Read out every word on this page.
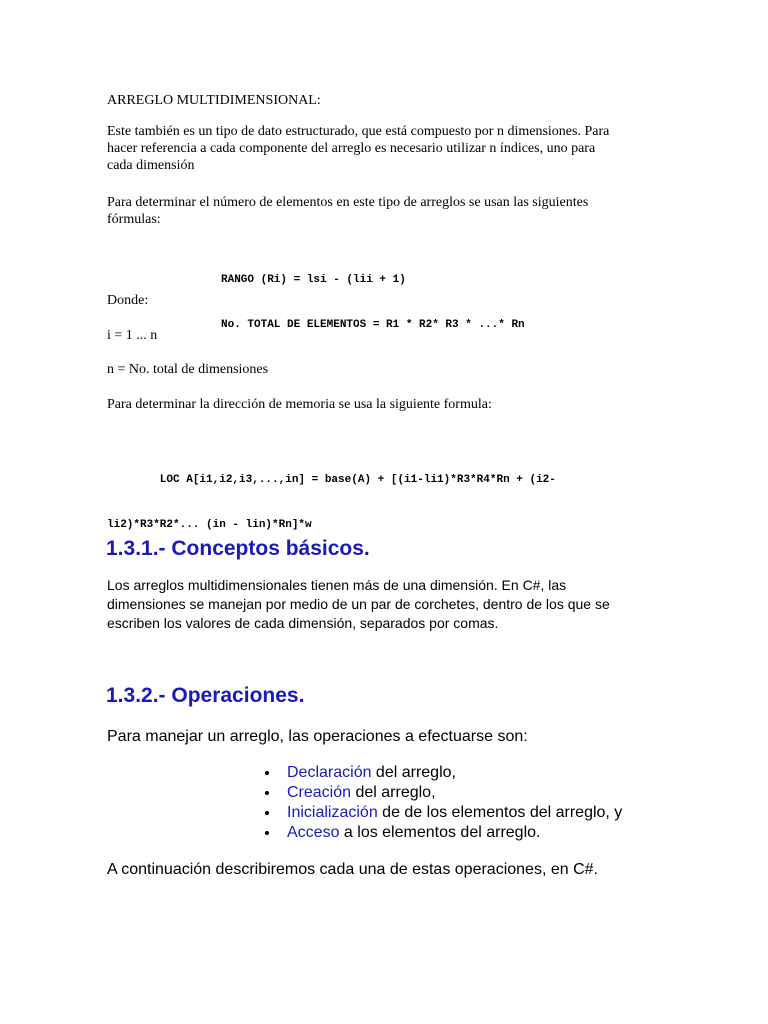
ARREGLO MULTIDIMENSIONAL:
Este también es un tipo de dato estructurado, que está compuesto por n dimensiones. Para
hacer referencia a cada componente del arreglo es necesario utilizar n índices, uno para
cada dimensión
Para determinar el número de elementos en este tipo de arreglos se usan las siguientes
fórmulas:

RANGO (Ri) = lsi - (lii + 1)

No. TOTAL DE ELEMENTOS = R1 * R2* R3 * ...* Rn

Donde:
i = 1 ... n
n = No. total de dimensiones
Para determinar la dirección de memoria se usa la siguiente formula:

LOC A[i1,i2,i3,...,in] = base(A) + [(i1-li1)*R3*R4*Rn + (i2-

li2)*R3*R2*... (in - lin)*Rn]*w

1.3.1.- Conceptos básicos.
Los arreglos multidimensionales tienen más de una dimensión. En C#, las
dimensiones se manejan por medio de un par de corchetes, dentro de los que se
escriben los valores de cada dimensión, separados por comas.
1.3.2.- Operaciones.
Para manejar un arreglo, las operaciones a efectuarse son:
Declaración del arreglo,
Creación del arreglo,
Inicialización de de los elementos del arreglo, y
Acceso a los elementos del arreglo.
A continuación describiremos cada una de estas operaciones, en C#.
